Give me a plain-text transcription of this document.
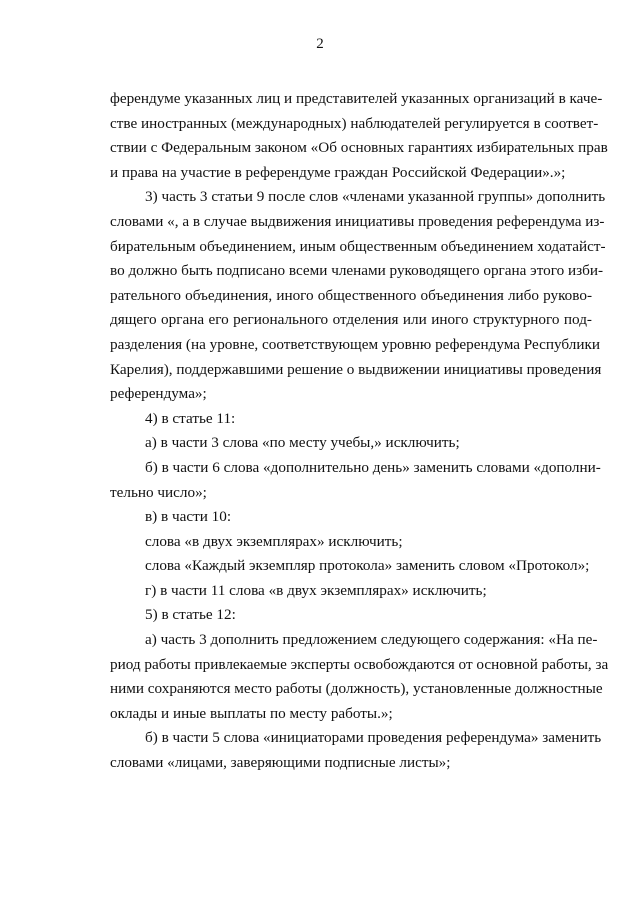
2
ферендуме указанных лиц и представителей указанных организаций в каче-
стве иностранных (международных) наблюдателей регулируется в соответ-
ствии с Федеральным законом «Об основных гарантиях избирательных прав
и права на участие в референдуме граждан Российской Федерации».»;
3) часть 3 статьи 9 после слов «членами указанной группы» дополнить
словами «, а в случае выдвижения инициативы проведения референдума из-
бирательным объединением, иным общественным объединением ходатайст-
во должно быть подписано всеми членами руководящего органа этого изби-
рательного объединения, иного общественного объединения либо руково-
дящего органа его регионального отделения или иного структурного под-
разделения (на уровне, соответствующем уровню референдума Республики
Карелия), поддержавшими решение о выдвижении инициативы проведения
референдума»;
4) в статье 11:
а) в части 3 слова «по месту учебы,» исключить;
б) в части 6 слова «дополнительно день» заменить словами «дополни-
тельно число»;
в) в части 10:
слова «в двух экземплярах» исключить;
слова «Каждый экземпляр протокола» заменить словом «Протокол»;
г) в части 11 слова «в двух экземплярах» исключить;
5) в статье 12:
а) часть 3 дополнить предложением следующего содержания: «На пе-
риод работы привлекаемые эксперты освобождаются от основной работы, за
ними сохраняются место работы (должность), установленные должностные
оклады и иные выплаты по месту работы.»;
б) в части 5 слова «инициаторами проведения референдума» заменить
словами «лицами, заверяющими подписные листы»;
